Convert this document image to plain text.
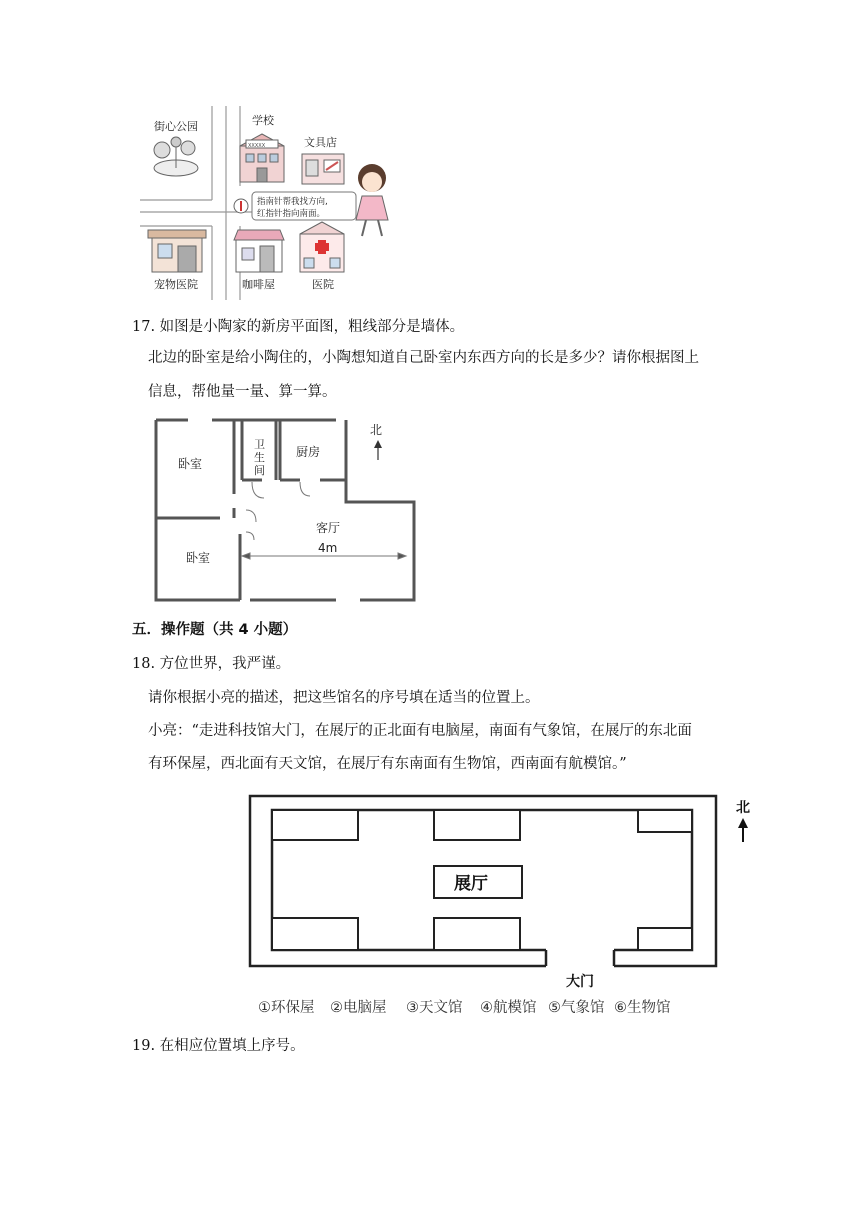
街心公园	学校
XXXXX	文具店
指南针帮我找方向,
红指针指向南面。
宠物医院	咖啡屋	医院
17. 如图是小陶家的新房平面图，粗线部分是墙体。
北边的卧室是给小陶住的，小陶想知道自己卧室内东西方向的长是多少？请你根据图上
信息，帮他量一量、算一算。
卧室
卫
生
间
厨房
客厅
4m
卧室
北
五．操作题（共 4 小题）
18. 方位世界，我严谨。
请你根据小亮的描述，把这些馆名的序号填在适当的位置上。
小亮：“走进科技馆大门，在展厅的正北面有电脑屋，南面有气象馆，在展厅的东北面
有环保屋，西北面有天文馆，在展厅有东南面有生物馆，西南面有航模馆。”
展厅
大门
北
①环保屋 ②电脑屋 ③天文馆 ④航模馆 ⑤气象馆 ⑥生物馆
19. 在相应位置填上序号。
